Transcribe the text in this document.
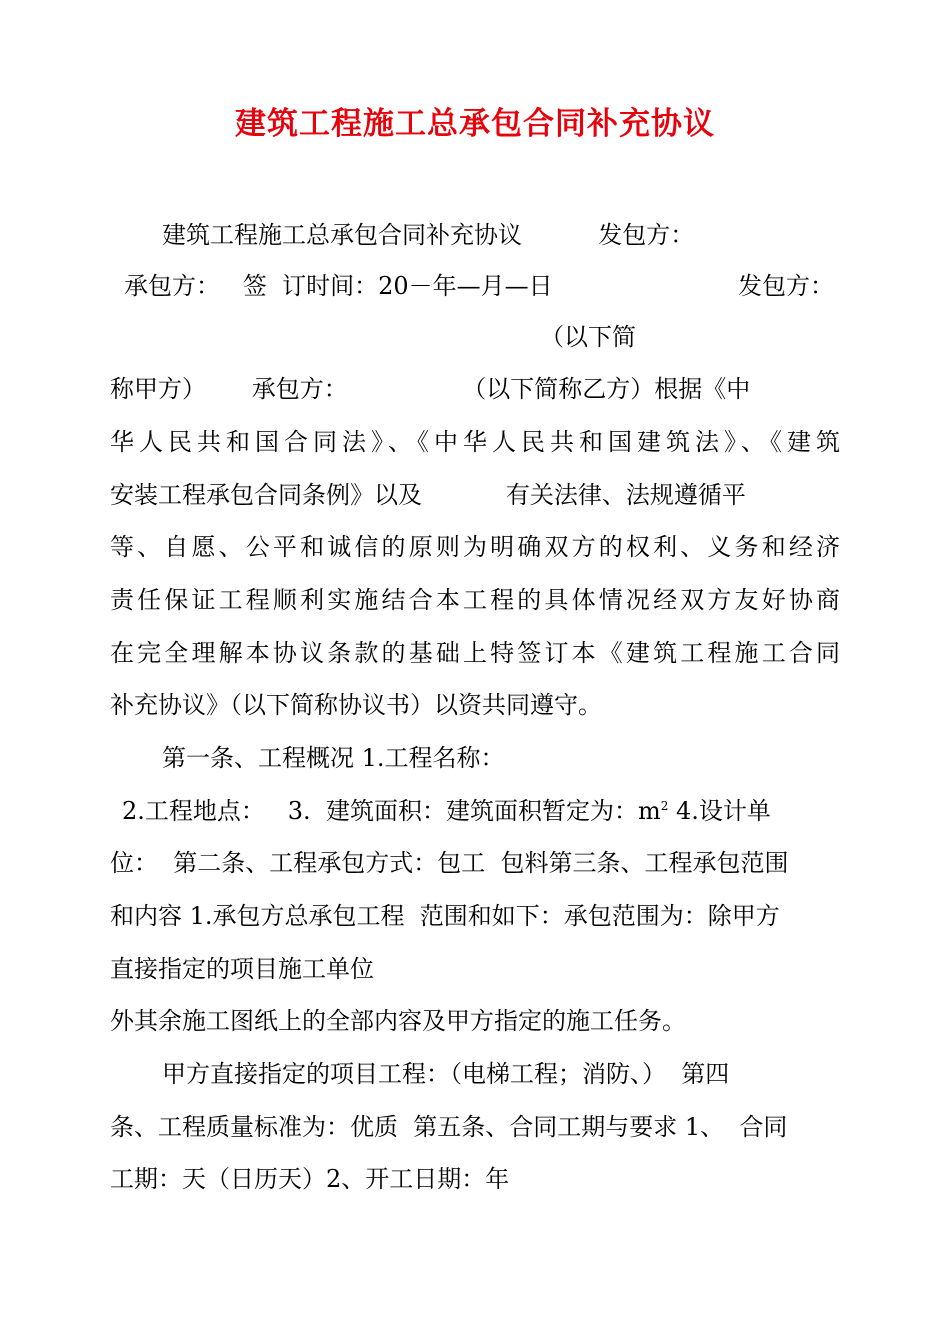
建筑工程施工总承包合同补充协议
建筑工程施工总承包合同补充协议          发包方：
承包方：   签  订时间：20－年—月—日	发包方：
（以下简
称甲方）      承包方：               （以下简称乙方）根据《中
华人民共和国合同法》、《中华人民共和国建筑法》、《建筑
安装工程承包合同条例》以及           有关法律、法规遵循平
等、自愿、公平和诚信的原则为明确双方的权利、义务和经济
责任保证工程顺利实施结合本工程的具体情况经双方友好协商
在完全理解本协议条款的基础上特签订本《建筑工程施工合同
补充协议》（以下简称协议书）以资共同遵守。
第一条、工程概况 1.工程名称：
2.工程地点：   3.  建筑面积：建筑面积暂定为：$m^2$ 4.设计单
位：  第二条、工程承包方式：包工  包料第三条、工程承包范围
和内容 1.承包方总承包工程  范围和如下：承包范围为：除甲方
直接指定的项目施工单位
外其余施工图纸上的全部内容及甲方指定的施工任务。
甲方直接指定的项目工程：（电梯工程；消防、）  第四
条、工程质量标准为：优质  第五条、合同工期与要求 1、  合同
工期：天（日历天）2、开工日期：年
